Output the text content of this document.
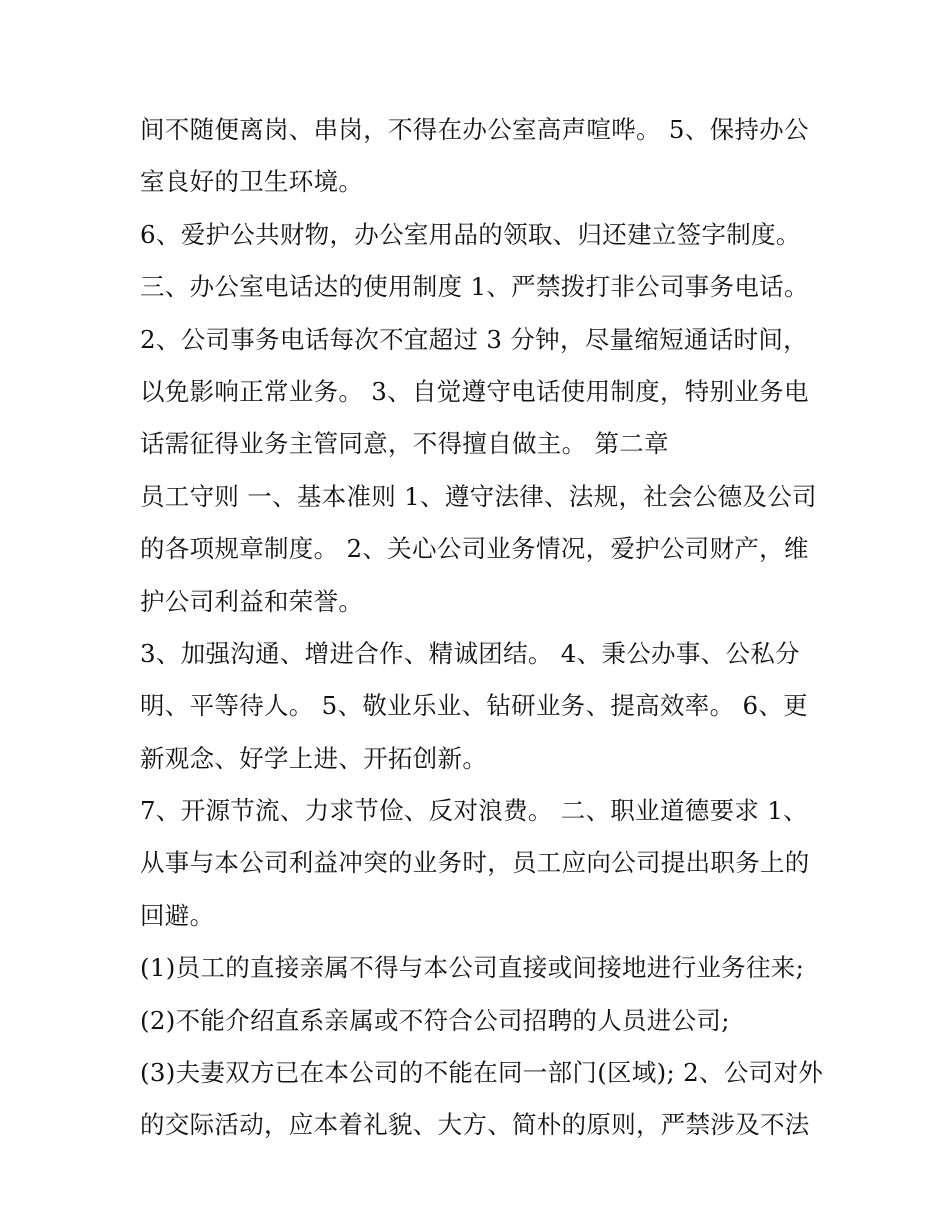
间不随便离岗、串岗，不得在办公室高声喧哗。 5、保持办公
室良好的卫生环境。
6、爱护公共财物，办公室用品的领取、归还建立签字制度。
三、办公室电话达的使用制度 1、严禁拨打非公司事务电话。
2、公司事务电话每次不宜超过 3 分钟，尽量缩短通话时间，
以免影响正常业务。 3、自觉遵守电话使用制度，特别业务电
话需征得业务主管同意，不得擅自做主。 第二章
员工守则 一、基本准则 1、遵守法律、法规，社会公德及公司
的各项规章制度。 2、关心公司业务情况，爱护公司财产，维
护公司利益和荣誉。
3、加强沟通、增进合作、精诚团结。 4、秉公办事、公私分
明、平等待人。 5、敬业乐业、钻研业务、提高效率。 6、更
新观念、好学上进、开拓创新。
7、开源节流、力求节俭、反对浪费。 二、职业道德要求 1、
从事与本公司利益冲突的业务时，员工应向公司提出职务上的
回避。
(1)员工的直接亲属不得与本公司直接或间接地进行业务往来;
(2)不能介绍直系亲属或不符合公司招聘的人员进公司;
(3)夫妻双方已在本公司的不能在同一部门(区域); 2、公司对外
的交际活动，应本着礼貌、大方、简朴的原则，严禁涉及不法
